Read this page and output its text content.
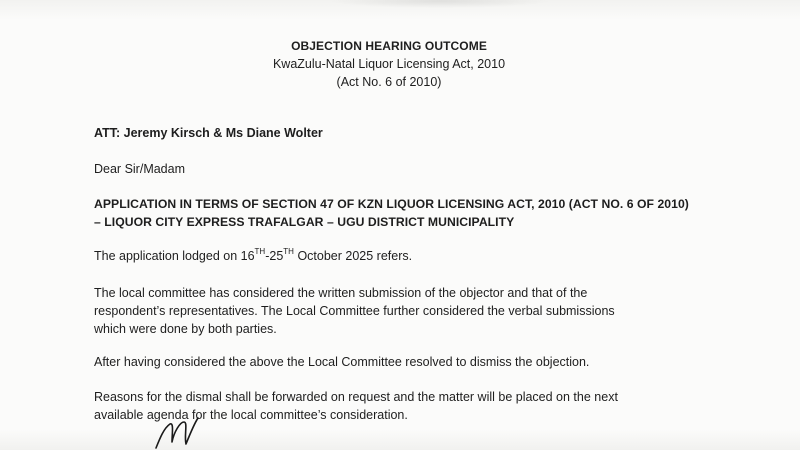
OBJECTION HEARING OUTCOME
KwaZulu-Natal Liquor Licensing Act, 2010
(Act No. 6 of 2010)

ATT: Jeremy Kirsch & Ms Diane Wolter

Dear Sir/Madam

APPLICATION IN TERMS OF SECTION 47 OF KZN LIQUOR LICENSING ACT, 2010 (ACT NO. 6 OF 2010)
– LIQUOR CITY EXPRESS TRAFALGAR – UGU DISTRICT MUNICIPALITY

The application lodged on 16TH-25TH October 2025 refers.

The local committee has considered the written submission of the objector and that of the
respondent’s representatives. The Local Committee further considered the verbal submissions
which were done by both parties.

After having considered the above the Local Committee resolved to dismiss the objection.

Reasons for the dismal shall be forwarded on request and the matter will be placed on the next
available agenda for the local committee’s consideration.
